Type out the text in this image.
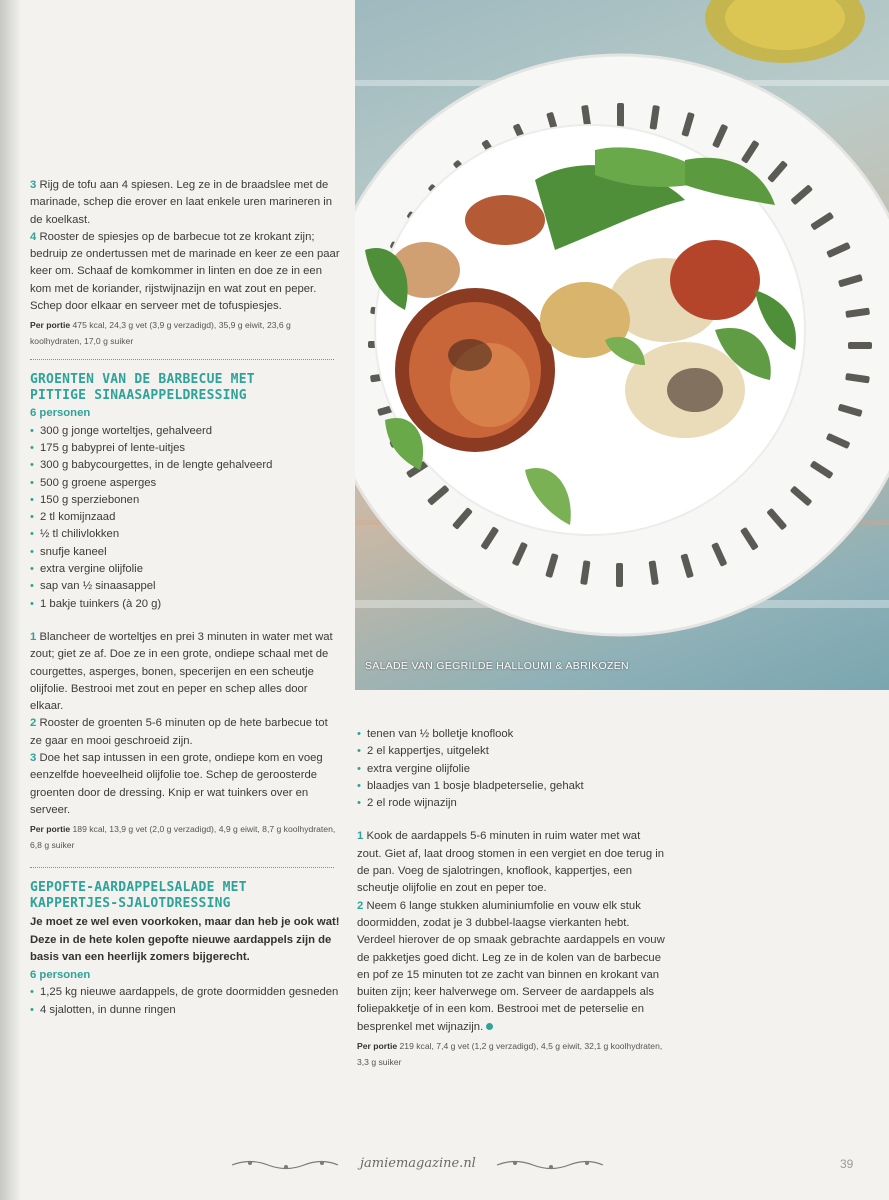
SALADE VAN GEGRILDE HALLOUMI & ABRIKOZEN

3 Rijg de tofu aan 4 spiesen. Leg ze in de braadslee met de marinade, schep die erover en laat enkele uren marineren in de koelkast.

4 Rooster de spiesjes op de barbecue tot ze krokant zijn; bedruip ze ondertussen met de marinade en keer ze een paar keer om. Schaaf de komkommer in linten en doe ze in een kom met de koriander, rijstwijnazijn en wat zout en peper. Schep door elkaar en serveer met de tofuspiesjes.

Per portie 475 kcal, 24,3 g vet (3,9 g verzadigd), 35,9 g eiwit, 23,6 g koolhydraten, 17,0 g suiker
GROENTEN VAN DE BARBECUE MET
PITTIGE SINAASAPPELDRESSING
6 personen
• 300 g jonge worteltjes, gehalveerd
• 175 g babyprei of lente-uitjes
• 300 g babycourgettes, in de lengte gehalveerd
• 500 g groene asperges
• 150 g sperziebonen
• 2 tl komijnzaad
• ½ tl chilivlokken
• snufje kaneel
• extra vergine olijfolie
• sap van ½ sinaasappel
• 1 bakje tuinkers (à 20 g)

1 Blancheer de worteltjes en prei 3 minuten in water met wat zout; giet ze af. Doe ze in een grote, ondiepe schaal met de courgettes, asperges, bonen, specerijen en een scheutje olijfolie. Bestrooi met zout en peper en schep alles door elkaar.

2 Rooster de groenten 5-6 minuten op de hete barbecue tot ze gaar en mooi geschroeid zijn.

3 Doe het sap intussen in een grote, ondiepe kom en voeg eenzelfde hoeveelheid olijfolie toe. Schep de geroosterde groenten door de dressing. Knip er wat tuinkers over en serveer.

Per portie 189 kcal, 13,9 g vet (2,0 g verzadigd), 4,9 g eiwit, 8,7 g koolhydraten, 6,8 g suiker
GEPOFTE-AARDAPPELSALADE MET
KAPPERTJES-SJALOTDRESSING

Je moet ze wel even voorkoken, maar dan heb je ook wat! Deze in de hete kolen gepofte nieuwe aardappels zijn de basis van een heerlijk zomers bijgerecht.

6 personen
• 1,25 kg nieuwe aardappels, de grote doormidden gesneden
• 4 sjalotten, in dunne ringen
• tenen van ½ bolletje knoflook
• 2 el kappertjes, uitgelekt
• extra vergine olijfolie
• blaadjes van 1 bosje bladpeterselie, gehakt
• 2 el rode wijnazijn

1 Kook de aardappels 5-6 minuten in ruim water met wat zout. Giet af, laat droog stomen in een vergiet en doe terug in de pan. Voeg de sjalotringen, knoflook, kappertjes, een scheutje olijfolie en zout en peper toe.

2 Neem 6 lange stukken aluminiumfolie en vouw elk stuk doormidden, zodat je 3 dubbel-laagse vierkanten hebt. Verdeel hierover de op smaak gebrachte aardappels en vouw de pakketjes goed dicht. Leg ze in de kolen van de barbecue en pof ze 15 minuten tot ze zacht van binnen en krokant van buiten zijn; keer halverwege om. Serveer de aardappels als foliepakketje of in een kom. Bestrooi met de peterselie en besprenkel met wijnazijn.

Per portie 219 kcal, 7,4 g vet (1,2 g verzadigd), 4,5 g eiwit, 32,1 g koolhydraten, 3,3 g suiker
jamiemagazine.nl	39
